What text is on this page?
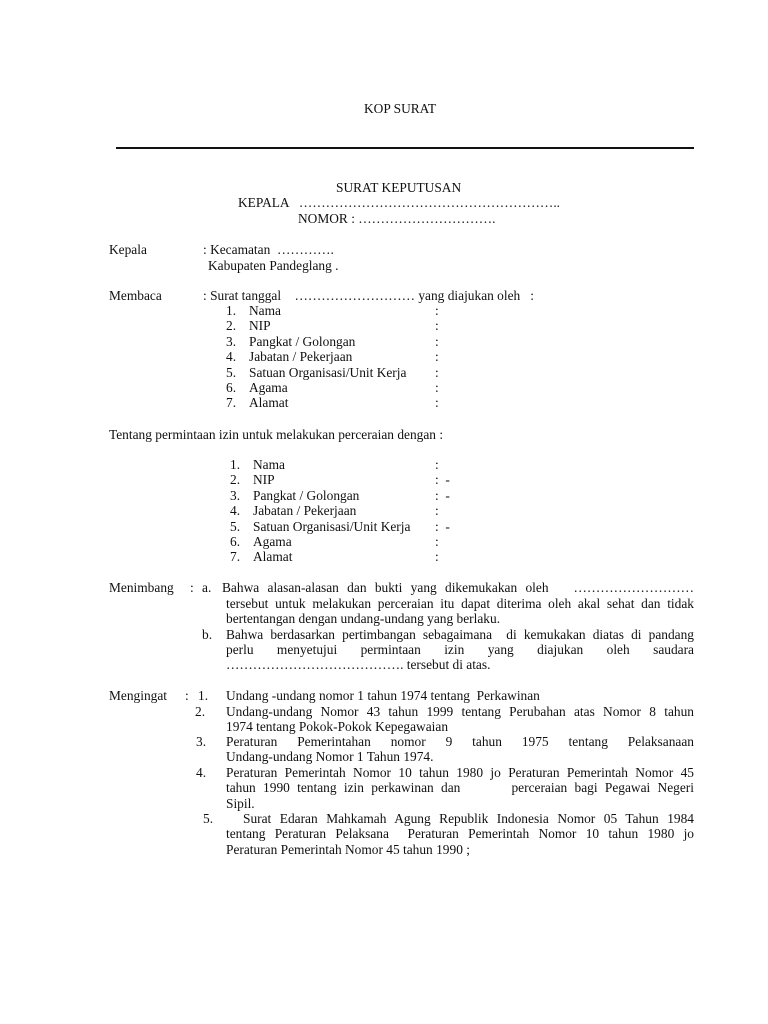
KOP SURAT
SURAT KEPUTUSAN
KEPALA   …………………………………………………..
NOMOR : ………………………….
Kepala	: Kecamatan  ………….
Kabupaten Pandeglang .
Membaca	: Surat tanggal    ……………………… yang diajukan oleh   :
1. Nama	:
2. NIP	:
3. Pangkat / Golongan	:
4. Jabatan / Pekerjaan	:
5. Satuan Organisasi/Unit Kerja :
6. Agama	:
7. Alamat	:
Tentang permintaan izin untuk melakukan perceraian dengan :
1. Nama	:
2. NIP	:  -
3. Pangkat / Golongan	:  -
4. Jabatan / Pekerjaan	:
5. Satuan Organisasi/Unit Kerja :  -
6. Agama	:
7. Alamat	:
Menimbang : a. Bahwa alasan-alasan dan bukti yang dikemukakan oleh   ………………………
tersebut untuk melakukan perceraian itu dapat diterima oleh akal sehat dan tidak
bertentangan dengan undang-undang yang berlaku.
b. Bahwa berdasarkan pertimbangan sebagaimana  di kemukakan diatas di pandang
perlu menyetujui permintaan izin yang diajukan oleh saudara
…………………………………. tersebut di atas.
Mengingat : 1. Undang -undang nomor 1 tahun 1974 tentang  Perkawinan
2. Undang-undang Nomor 43 tahun 1999 tentang Perubahan atas Nomor 8 tahun
1974 tentang Pokok-Pokok Kepegawaian
3. Peraturan Pemerintahan nomor 9 tahun 1975 tentang Pelaksanaan
Undang-undang Nomor 1 Tahun 1974.
4. Peraturan Pemerintah Nomor 10 tahun 1980 jo Peraturan Pemerintah Nomor 45
tahun 1990 tentang izin perkawinan dan       perceraian bagi Pegawai Negeri
Sipil.
5. Surat Edaran Mahkamah Agung Republik Indonesia Nomor 05 Tahun 1984
tentang Peraturan Pelaksana  Peraturan Pemerintah Nomor 10 tahun 1980 jo
Peraturan Pemerintah Nomor 45 tahun 1990 ;
